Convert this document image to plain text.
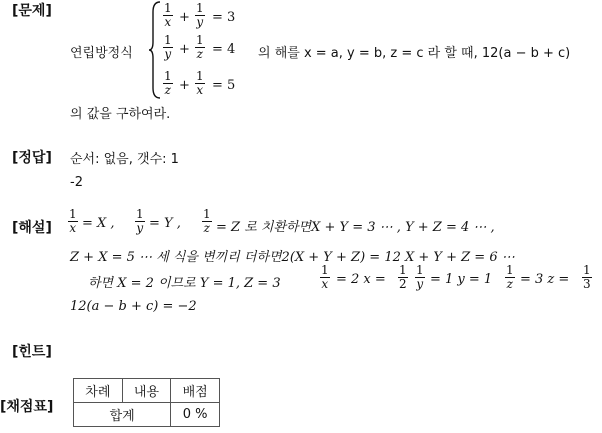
[문제]
[정답]
[해설]
[힌트]
[채점표]
연립방정식
$\frac{1}{x} + \frac{1}{y} = 3$
$\frac{1}{y} + \frac{1}{z} = 4$
$\frac{1}{z} + \frac{1}{x} = 5$
의 해를 x = a, y = b, z = c 라 할 때, 12(a − b + c)
의 값을 구하여라.
순서: 없음, 갯수: 1
-2
$\frac{1}{x} = X$ , $\frac{1}{y} = Y$ , $\frac{1}{z} = Z$ 로 치환하면X + Y = 3 ⋯ , Y + Z = 4 ⋯ ,
Z + X = 5 ⋯ 세 식을 변끼리 더하면2(X + Y + Z) = 12 X + Y + Z = 6 ⋯
하면 X = 2 이므로 Y = 1, Z = 3	$\frac{1}{x} = 2$ $x = \frac{1}{2} \frac{1}{y} = 1$ $y = 1 \frac{1}{z} = 3$ $z = \frac{1}{3}$
12(a − b + c) = −2
차례	내용	배점
합계		0 %
